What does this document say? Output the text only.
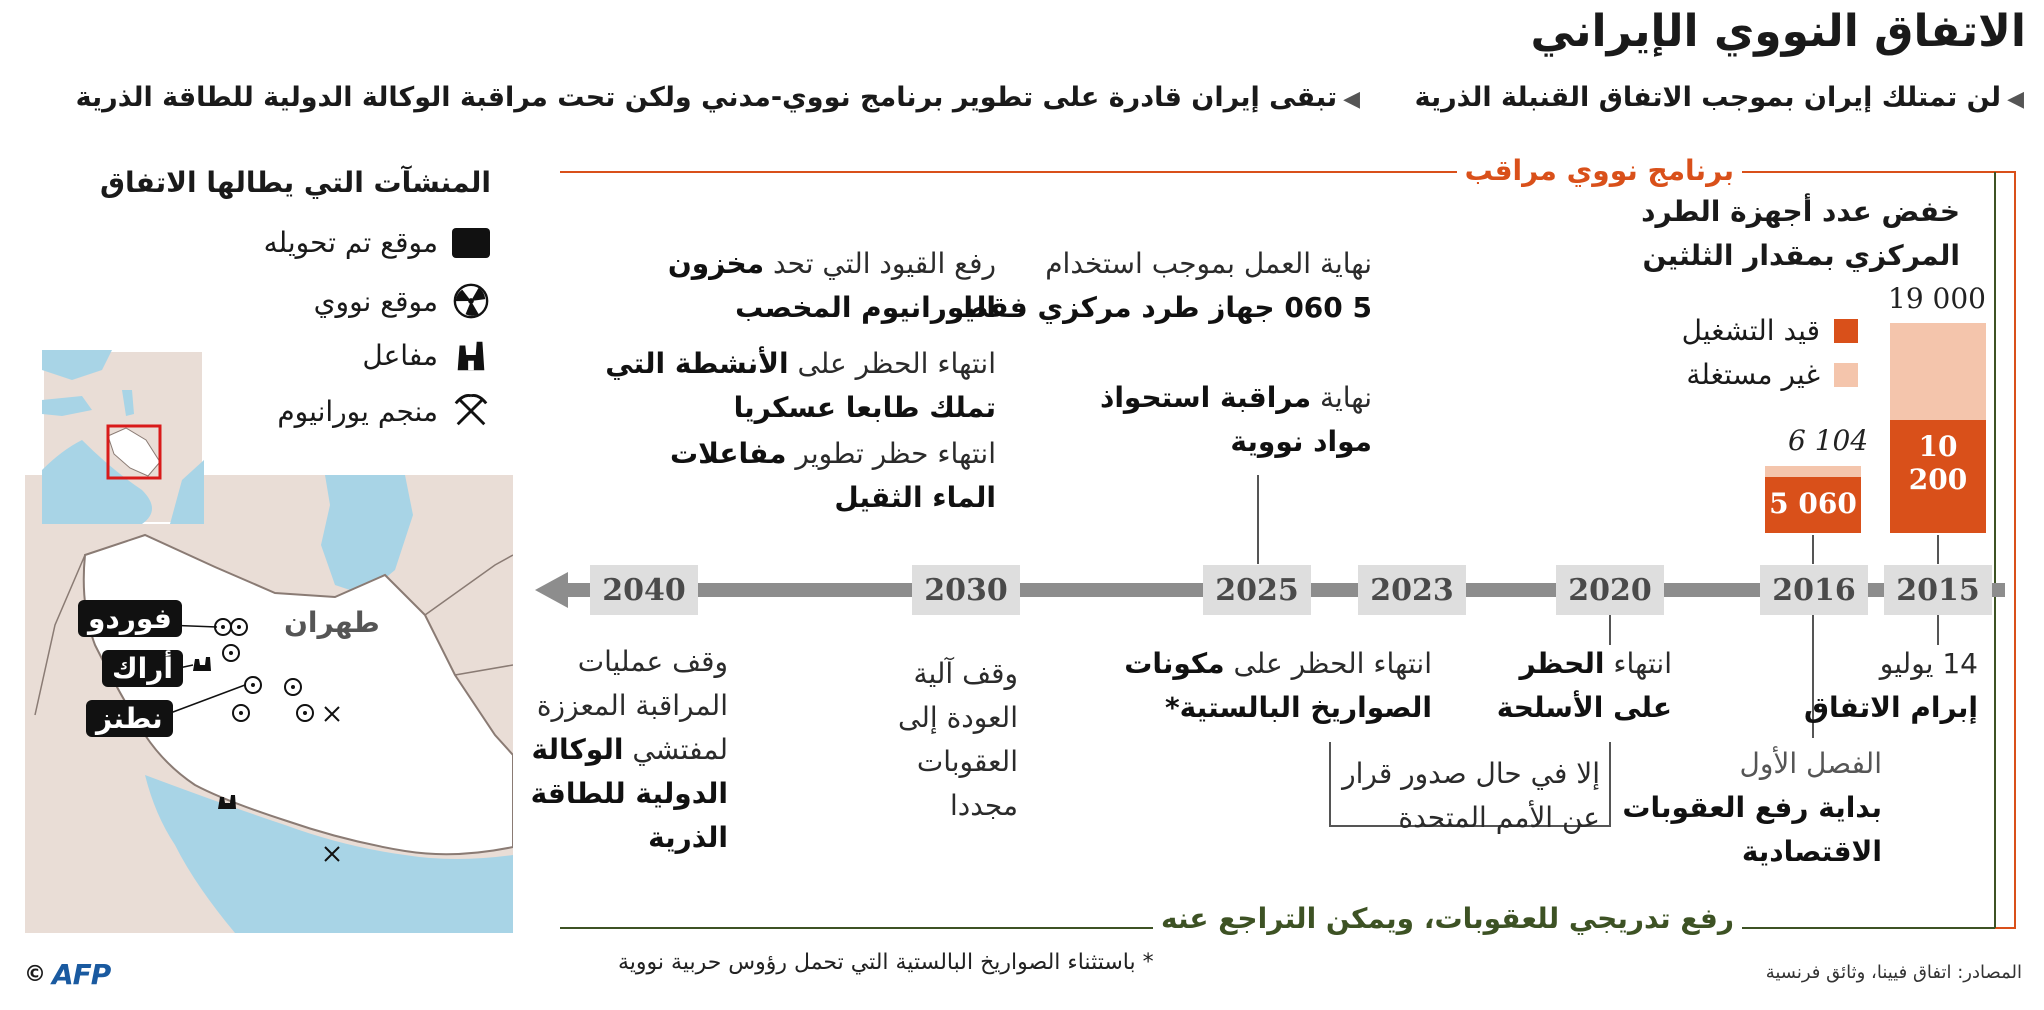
الاتفاق النووي الإيراني
◀لن تمتلك إيران بموجب الاتفاق القنبلة الذرية
◀تبقى إيران قادرة على تطوير برنامج نووي-مدني ولكن تحت مراقبة الوكالة الدولية للطاقة الذرية
برنامج نووي مراقب
رفع تدريجي للعقوبات، ويمكن التراجع عنه
خفض عدد أجهزة الطرد
المركزي بمقدار الثلثين
قيد التشغيل
غير مستغلة
19 000
10 200
6 104
5 060
2040	2030	2025	2023	2020	2016	2015
رفع القيود التي تحد مخزون
اليورانيوم المخصب
انتهاء الحظر على الأنشطة التي
تملك طابعا عسكريا
انتهاء حظر تطوير مفاعلات
الماء الثقيل
نهاية العمل بموجب استخدام
5 060 جهاز طرد مركزي فقط
نهاية مراقبة استحواذ
مواد نووية
وقف عمليات
المراقبة المعززة
لمفتشي الوكالة
الدولية للطاقة
الذرية
وقف آلية
العودة إلى
العقوبات
مجددا
انتهاء الحظر على مكونات
الصواريخ البالستية*
انتهاء الحظر
على الأسلحة
إلا في حال صدور قرار
عن الأمم المتحدة
الفصل الأول
بداية رفع العقوبات
الاقتصادية
14 يوليو
إبرام الاتفاق
المنشآت التي يطالها الاتفاق
موقع تم تحويله
موقع نووي
مفاعل
منجم يورانيوم
طهران
فوردو
أراك
نطنز
* باستثناء الصواريخ البالستية التي تحمل رؤوس حربية نووية	المصادر: اتفاق فيينا، وثائق فرنسية
© AFP
